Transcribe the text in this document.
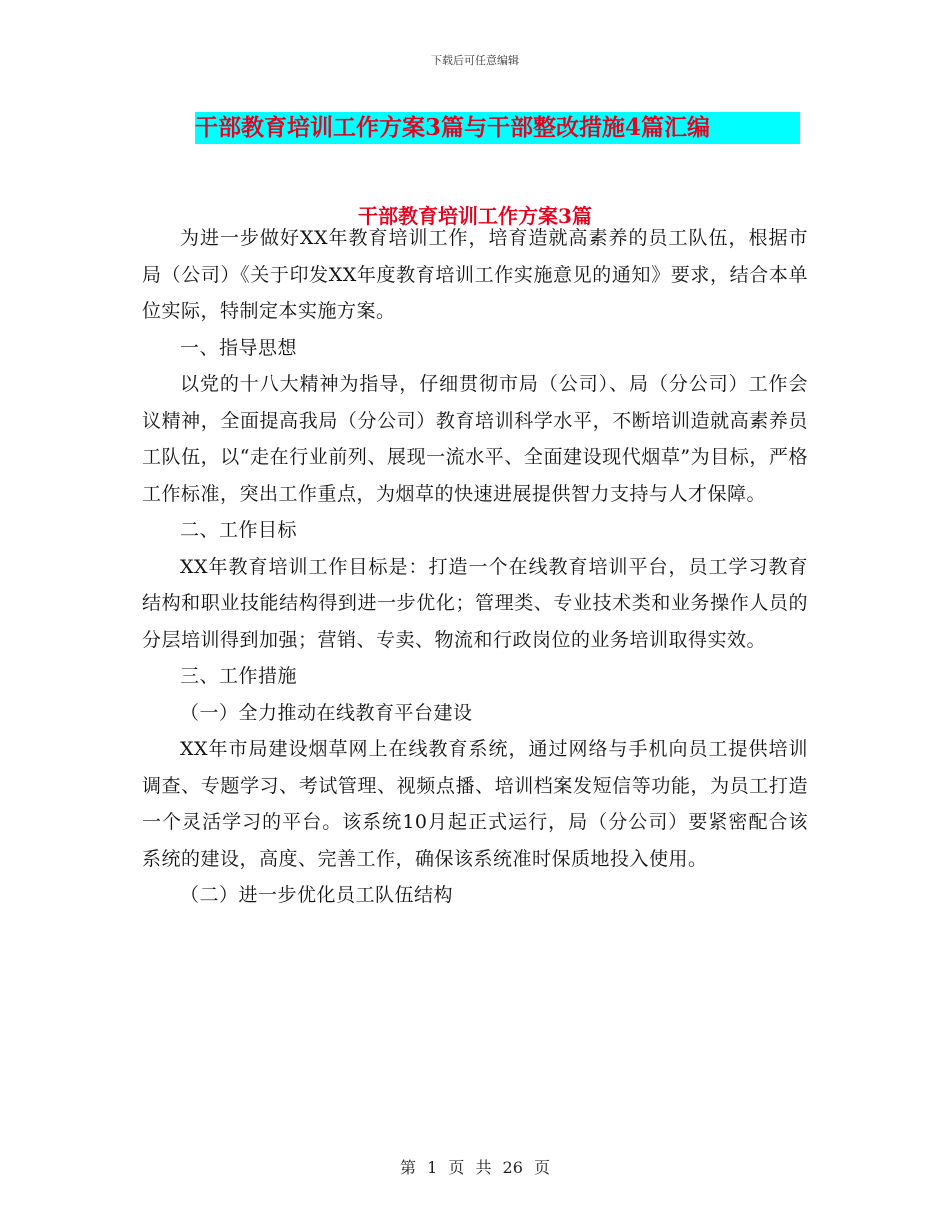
下载后可任意编辑
干部教育培训工作方案3篇与干部整改措施4篇汇编
干部教育培训工作方案3篇

为进一步做好XX年教育培训工作，培育造就高素养的员工队伍，根据市局（公司）《关于印发XX年度教育培训工作实施意见的通知》要求，结合本单位实际，特制定本实施方案。

一、指导思想

以党的十八大精神为指导，仔细贯彻市局（公司）、局（分公司）工作会议精神，全面提高我局（分公司）教育培训科学水平，不断培训造就高素养员工队伍，以“走在行业前列、展现一流水平、全面建设现代烟草”为目标，严格工作标准，突出工作重点，为烟草的快速进展提供智力支持与人才保障。

二、工作目标

XX年教育培训工作目标是：打造一个在线教育培训平台，员工学习教育结构和职业技能结构得到进一步优化；管理类、专业技术类和业务操作人员的分层培训得到加强；营销、专卖、物流和行政岗位的业务培训取得实效。

三、工作措施

（一）全力推动在线教育平台建设

XX年市局建设烟草网上在线教育系统，通过网络与手机向员工提供培训调查、专题学习、考试管理、视频点播、培训档案发短信等功能，为员工打造一个灵活学习的平台。该系统10月起正式运行，局（分公司）要紧密配合该系统的建设，高度、完善工作，确保该系统准时保质地投入使用。

（二）进一步优化员工队伍结构

第 1 页 共 26 页
